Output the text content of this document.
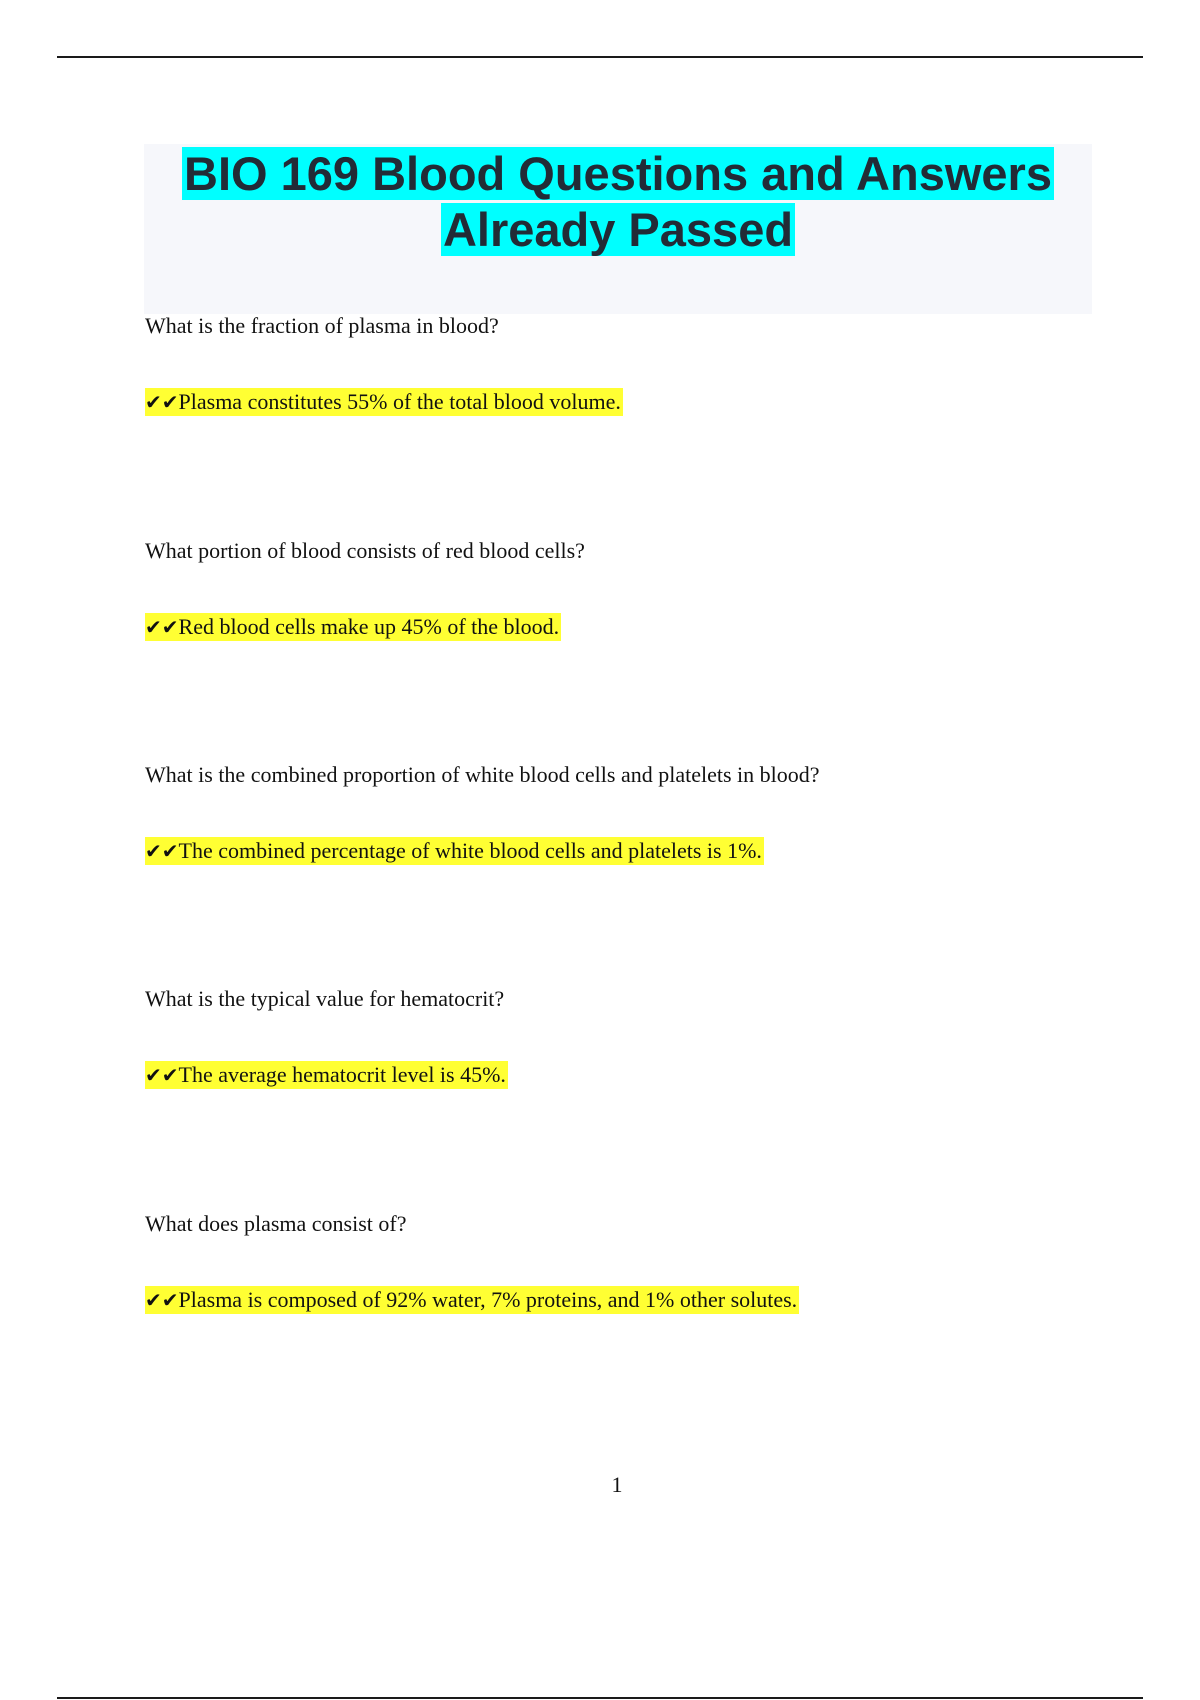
BIO 169 Blood Questions and Answers
Already Passed

What is the fraction of plasma in blood?

✔✔Plasma constitutes 55% of the total blood volume.

What portion of blood consists of red blood cells?

✔✔Red blood cells make up 45% of the blood.

What is the combined proportion of white blood cells and platelets in blood?

✔✔The combined percentage of white blood cells and platelets is 1%.

What is the typical value for hematocrit?

✔✔The average hematocrit level is 45%.

What does plasma consist of?

✔✔Plasma is composed of 92% water, 7% proteins, and 1% other solutes.

1
